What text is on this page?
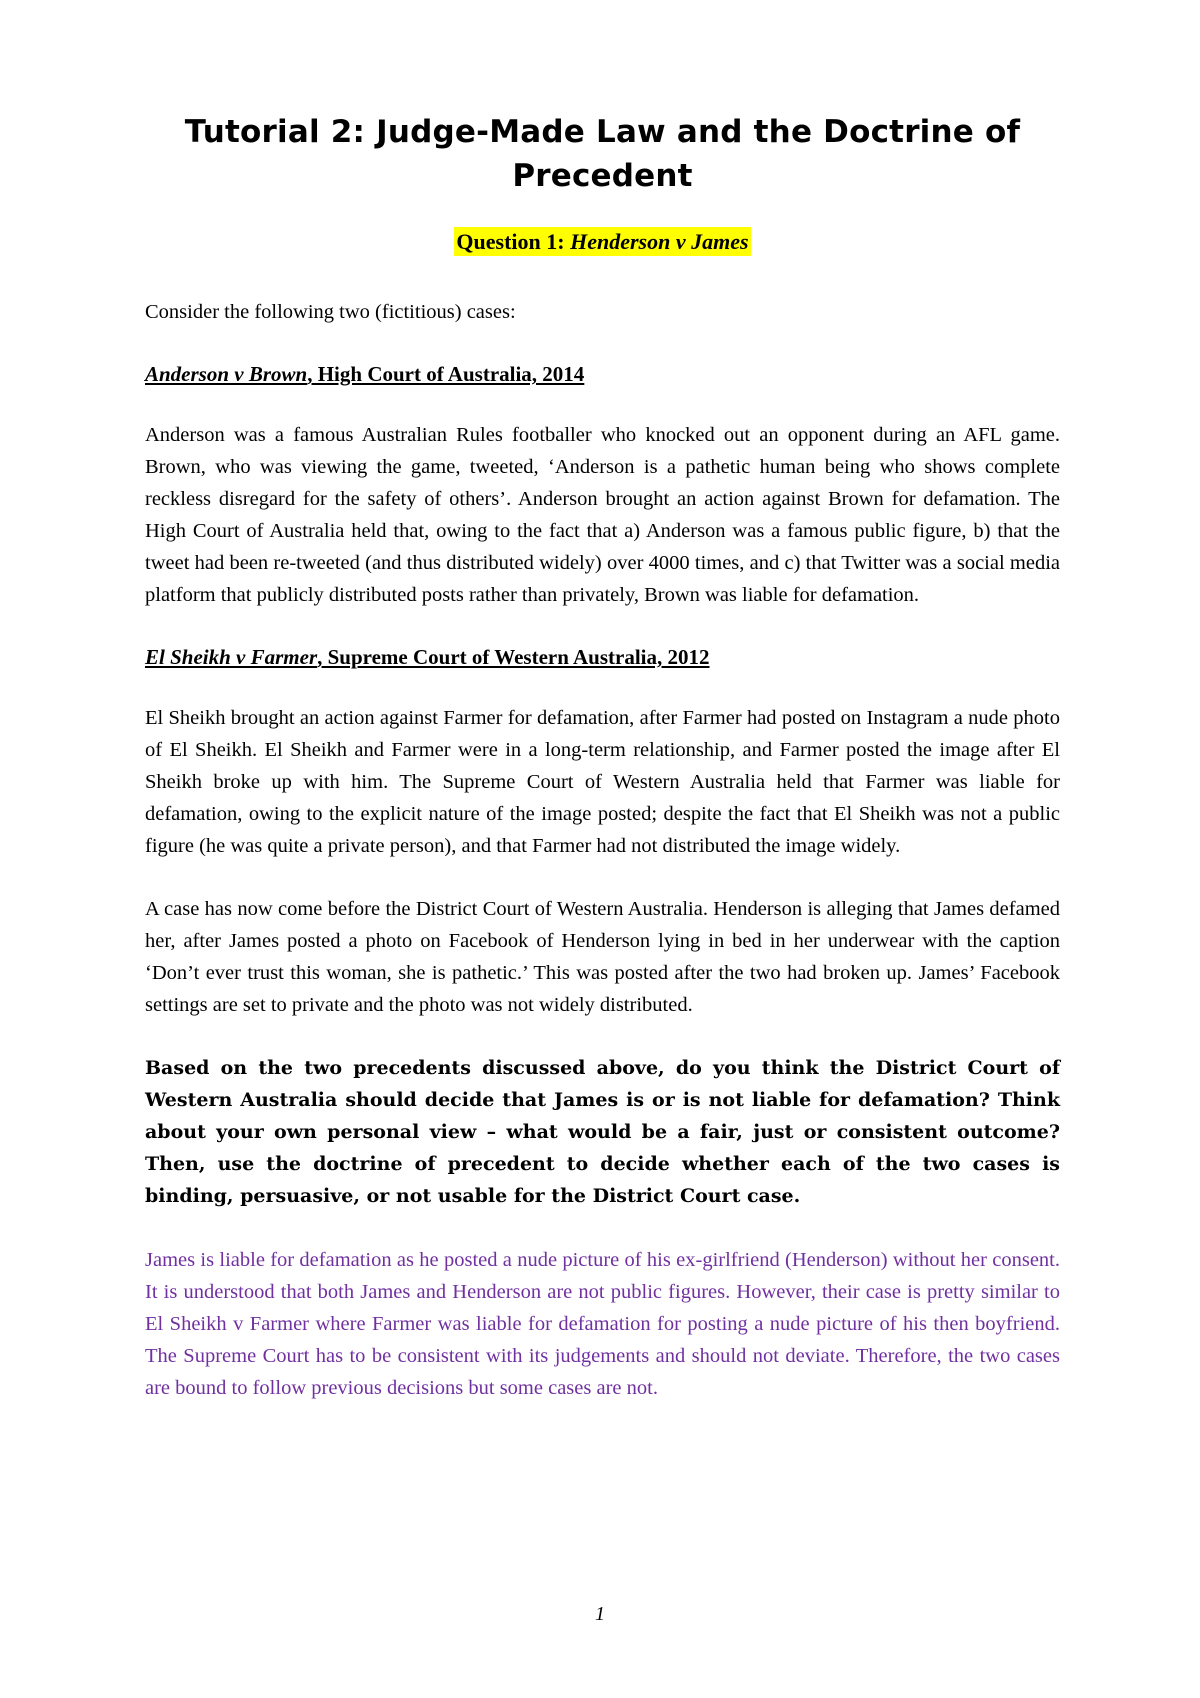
Tutorial 2: Judge-Made Law and the Doctrine of Precedent
Question 1: Henderson v James

Consider the following two (fictitious) cases:

Anderson v Brown, High Court of Australia, 2014

Anderson was a famous Australian Rules footballer who knocked out an opponent during an AFL game. Brown, who was viewing the game, tweeted, ‘Anderson is a pathetic human being who shows complete reckless disregard for the safety of others’. Anderson brought an action against Brown for defamation. The High Court of Australia held that, owing to the fact that a) Anderson was a famous public figure, b) that the tweet had been re-tweeted (and thus distributed widely) over 4000 times, and c) that Twitter was a social media platform that publicly distributed posts rather than privately, Brown was liable for defamation.

El Sheikh v Farmer, Supreme Court of Western Australia, 2012

El Sheikh brought an action against Farmer for defamation, after Farmer had posted on Instagram a nude photo of El Sheikh. El Sheikh and Farmer were in a long-term relationship, and Farmer posted the image after El Sheikh broke up with him. The Supreme Court of Western Australia held that Farmer was liable for defamation, owing to the explicit nature of the image posted; despite the fact that El Sheikh was not a public figure (he was quite a private person), and that Farmer had not distributed the image widely.

A case has now come before the District Court of Western Australia. Henderson is alleging that James defamed her, after James posted a photo on Facebook of Henderson lying in bed in her underwear with the caption ‘Don’t ever trust this woman, she is pathetic.’ This was posted after the two had broken up. James’ Facebook settings are set to private and the photo was not widely distributed.

Based on the two precedents discussed above, do you think the District Court of Western Australia should decide that James is or is not liable for defamation? Think about your own personal view – what would be a fair, just or consistent outcome? Then, use the doctrine of precedent to decide whether each of the two cases is binding, persuasive, or not usable for the District Court case.

James is liable for defamation as he posted a nude picture of his ex-girlfriend (Henderson) without her consent. It is understood that both James and Henderson are not public figures. However, their case is pretty similar to El Sheikh v Farmer where Farmer was liable for defamation for posting a nude picture of his then boyfriend. The Supreme Court has to be consistent with its judgements and should not deviate. Therefore, the two cases are bound to follow previous decisions but some cases are not.

1
